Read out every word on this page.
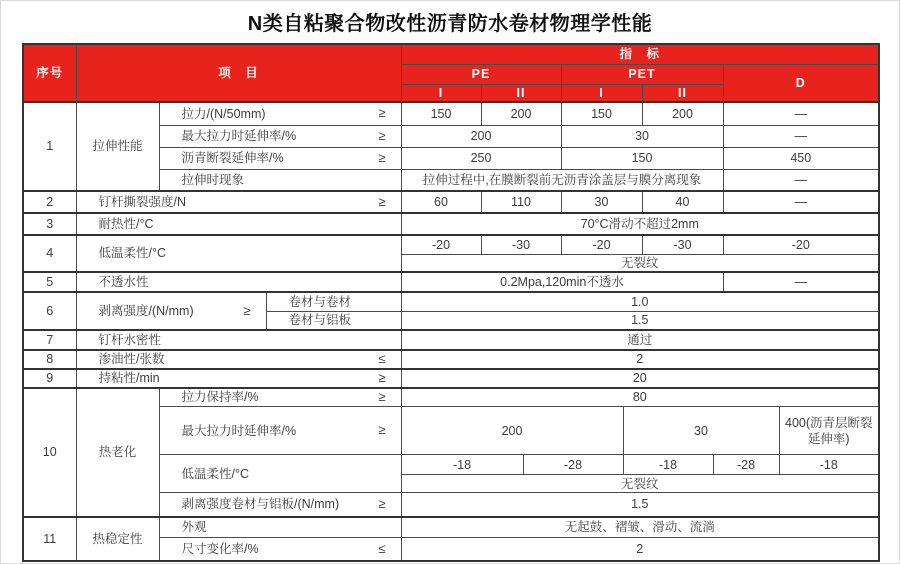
N类自粘聚合物改性沥青防水卷材物理学性能
序号	项　目			指　标								
				PE			PET				D	
				I	II		I		II			
1	拉伸性能	拉力/(N/50mm) ≥		150	200		150		200		—	

		最大拉力时延伸率/% ≥		200			30				—	

		沥青断裂延伸率/% ≥		250			150				450	

		拉伸时现象		拉伸过程中,在膜断裂前无沥青涂盖层与膜分离现象							—	
2	钉杆撕裂强度/N ≥			60	110		30		40		—	
3	耐热性/°C			70°C滑动不超过2mm								
4	低温柔性/°C			-20	-30		-20		-30		-20	
				无裂纹								
5	不透水性			0.2Mpa,120min不透水							—	
6	剥离强度/(N/mm) ≥		卷材与卷材	1.0								

			卷材与铝板	1.5								
7	钉杆水密性			通过								
8	渗油性/张数 ≤			2								
9	持粘性/min ≥			20								
10	热老化	拉力保持率/% ≥		80								

		最大拉力时延伸率/% ≥		200				30				400(沥青层断裂延伸率)

		低温柔性/°C		-18		-28		-18		-28		-18
				无裂纹								

		剥离强度卷材与铝板/(N/mm) ≥		1.5								
11	热稳定性	外观		无起鼓、褶皱、滑动、流淌								

		尺寸变化率/% ≤		2								
